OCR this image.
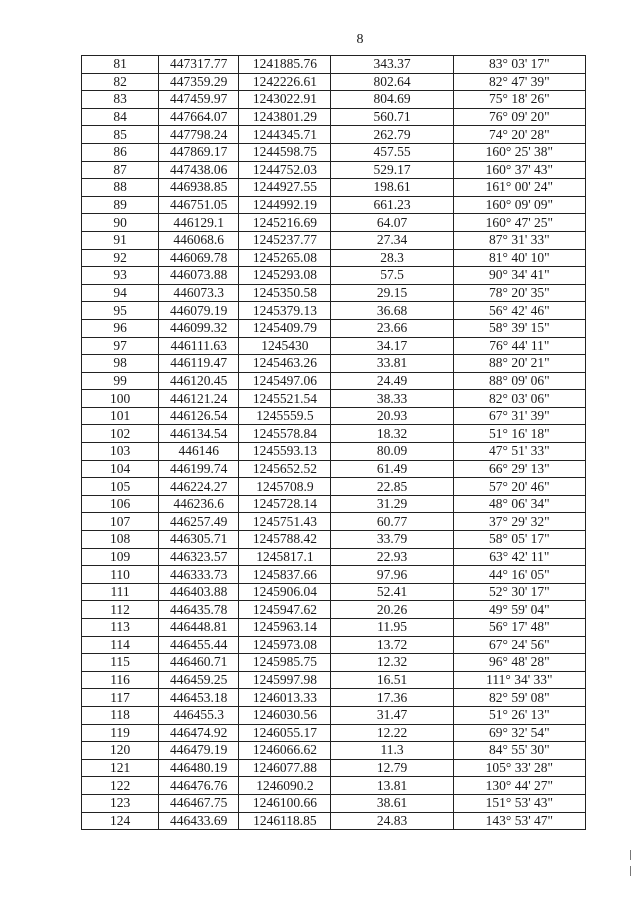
8
81	447317.77	1241885.76	343.37	83° 03' 17"
82	447359.29	1242226.61	802.64	82° 47' 39"
83	447459.97	1243022.91	804.69	75° 18' 26"
84	447664.07	1243801.29	560.71	76° 09' 20"
85	447798.24	1244345.71	262.79	74° 20' 28"
86	447869.17	1244598.75	457.55	160° 25' 38"
87	447438.06	1244752.03	529.17	160° 37' 43"
88	446938.85	1244927.55	198.61	161° 00' 24"
89	446751.05	1244992.19	661.23	160° 09' 09"
90	446129.1	1245216.69	64.07	160° 47' 25"
91	446068.6	1245237.77	27.34	87° 31' 33"
92	446069.78	1245265.08	28.3	81° 40' 10"
93	446073.88	1245293.08	57.5	90° 34' 41"
94	446073.3	1245350.58	29.15	78° 20' 35"
95	446079.19	1245379.13	36.68	56° 42' 46"
96	446099.32	1245409.79	23.66	58° 39' 15"
97	446111.63	1245430	34.17	76° 44' 11"
98	446119.47	1245463.26	33.81	88° 20' 21"
99	446120.45	1245497.06	24.49	88° 09' 06"
100	446121.24	1245521.54	38.33	82° 03' 06"
101	446126.54	1245559.5	20.93	67° 31' 39"
102	446134.54	1245578.84	18.32	51° 16' 18"
103	446146	1245593.13	80.09	47° 51' 33"
104	446199.74	1245652.52	61.49	66° 29' 13"
105	446224.27	1245708.9	22.85	57° 20' 46"
106	446236.6	1245728.14	31.29	48° 06' 34"
107	446257.49	1245751.43	60.77	37° 29' 32"
108	446305.71	1245788.42	33.79	58° 05' 17"
109	446323.57	1245817.1	22.93	63° 42' 11"
110	446333.73	1245837.66	97.96	44° 16' 05"
111	446403.88	1245906.04	52.41	52° 30' 17"
112	446435.78	1245947.62	20.26	49° 59' 04"
113	446448.81	1245963.14	11.95	56° 17' 48"
114	446455.44	1245973.08	13.72	67° 24' 56"
115	446460.71	1245985.75	12.32	96° 48' 28"
116	446459.25	1245997.98	16.51	111° 34' 33"
117	446453.18	1246013.33	17.36	82° 59' 08"
118	446455.3	1246030.56	31.47	51° 26' 13"
119	446474.92	1246055.17	12.22	69° 32' 54"
120	446479.19	1246066.62	11.3	84° 55' 30"
121	446480.19	1246077.88	12.79	105° 33' 28"
122	446476.76	1246090.2	13.81	130° 44' 27"
123	446467.75	1246100.66	38.61	151° 53' 43"
124	446433.69	1246118.85	24.83	143° 53' 47"
